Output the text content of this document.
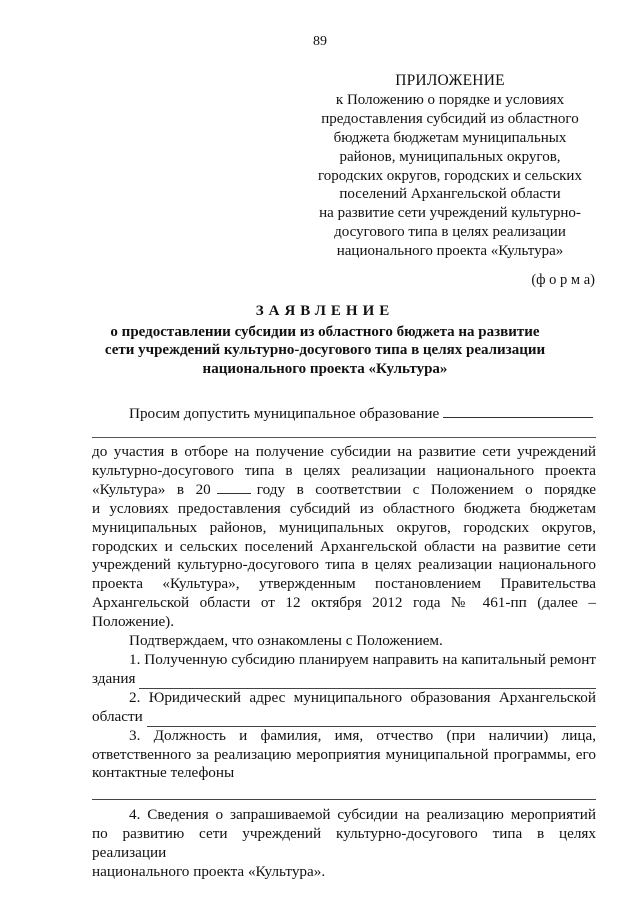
89
ПРИЛОЖЕНИЕ
к Положению о порядке и условиях
предоставления субсидий из областного
бюджета бюджетам муниципальных
районов, муниципальных округов,
городских округов, городских и сельских
поселений Архангельской области
на развитие сети учреждений культурно-
досугового типа в целях реализации
национального проекта «Культура»
(ф о р м а)
ЗАЯВЛЕНИЕ
о предоставлении субсидии из областного бюджета на развитие
сети учреждений культурно-досугового типа в целях реализации
национального проекта «Культура»
Просим допустить муниципальное образование
до участия в отборе на получение субсидии на развитие сети учреждений
культурно-досугового типа в целях реализации национального проекта
«Культура» в 20	году в соответствии с Положением о порядке
и условиях предоставления субсидий из областного бюджета бюджетам
муниципальных районов, муниципальных округов, городских округов,
городских и сельских поселений Архангельской области на развитие сети
учреждений культурно-досугового типа в целях реализации национального
проекта «Культура», утвержденным постановлением Правительства
Архангельской области от 12 октября 2012 года № 461-пп (далее –
Положение).
Подтверждаем, что ознакомлены с Положением.
1. Полученную субсидию планируем направить на капитальный ремонт
здания
2. Юридический адрес муниципального образования Архангельской
области
3. Должность и фамилия, имя, отчество (при наличии) лица,
ответственного за реализацию мероприятия муниципальной программы, его
контактные телефоны
4. Сведения о запрашиваемой субсидии на реализацию мероприятий
по развитию сети учреждений культурно-досугового типа в целях реализации
национального проекта «Культура».
